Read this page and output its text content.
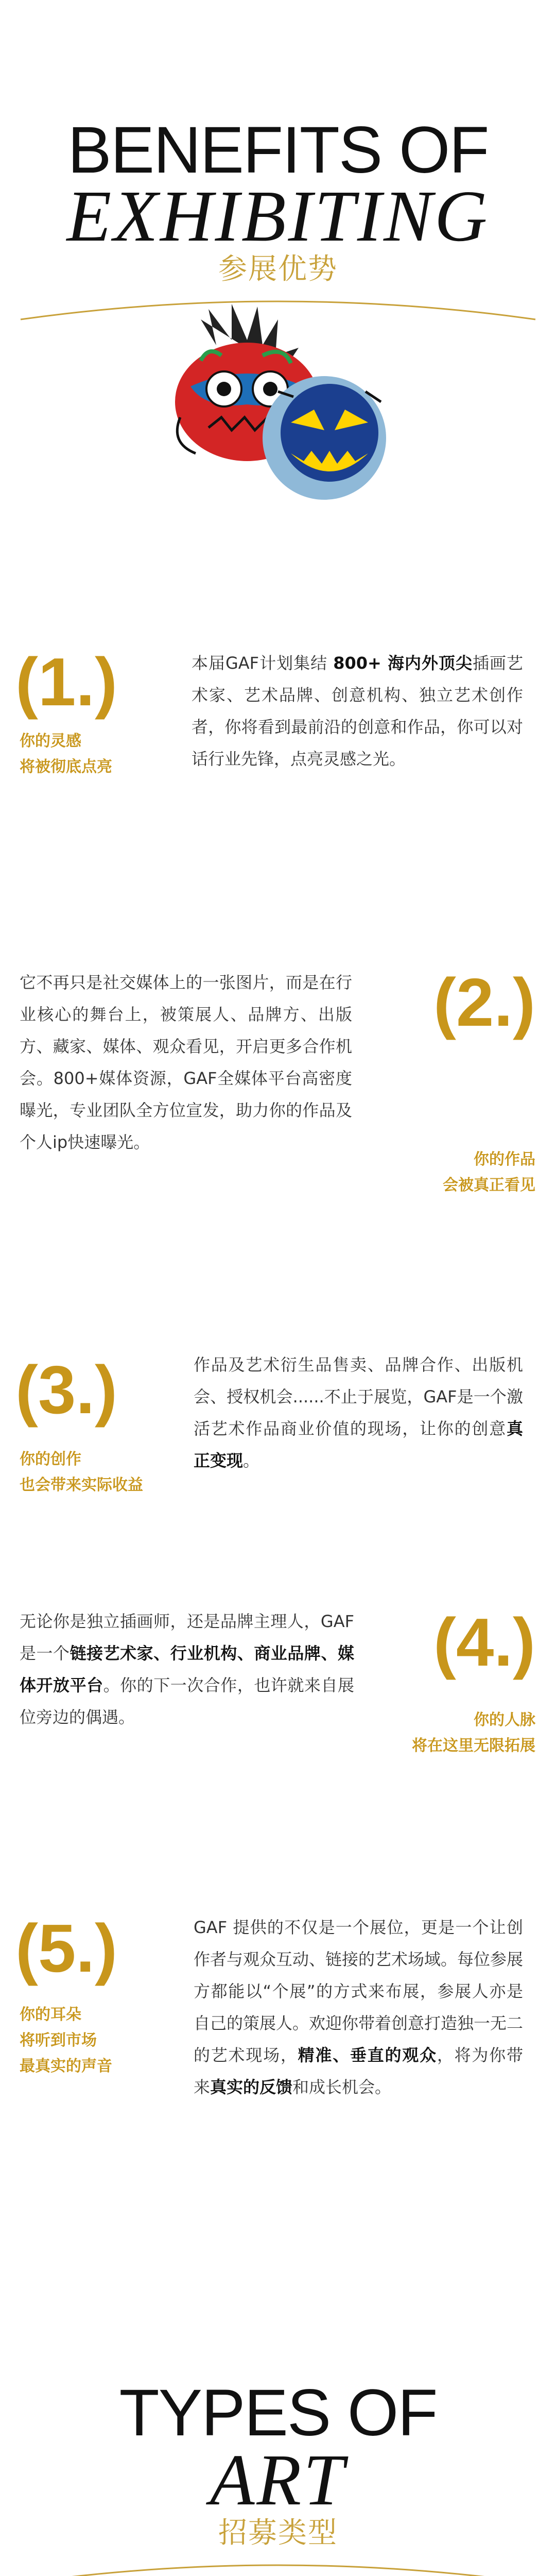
BENEFITS OF
EXHIBITING
参展优势
(1.)
你的灵感
将被彻底点亮
本届GAF计划集结 800+ 海内外顶尖插画艺术家、艺术品牌、创意机构、独立艺术创作者，你将看到最前沿的创意和作品，你可以对话行业先锋，点亮灵感之光。
它不再只是社交媒体上的一张图片，而是在行业核心的舞台上，被策展人、品牌方、出版方、藏家、媒体、观众看见，开启更多合作机会。800+媒体资源，GAF全媒体平台高密度曝光，专业团队全方位宣发，助力你的作品及个人ip快速曝光。
(2.)
你的作品
会被真正看见
(3.)
你的创作
也会带来实际收益
作品及艺术衍生品售卖、品牌合作、出版机会、授权机会......不止于展览，GAF是一个激活艺术作品商业价值的现场，让你的创意真正变现。
无论你是独立插画师，还是品牌主理人，GAF是一个链接艺术家、行业机构、商业品牌、媒体开放平台。你的下一次合作，也许就来自展位旁边的偶遇。
(4.)
你的人脉
将在这里无限拓展
(5.)
你的耳朵
将听到市场
最真实的声音
GAF 提供的不仅是一个展位，更是一个让创作者与观众互动、链接的艺术场域。每位参展方都能以“个展”的方式来布展，参展人亦是自己的策展人。欢迎你带着创意打造独一无二的艺术现场，精准、垂直的观众，将为你带来真实的反馈和成长机会。
TYPES OF
ART
招募类型
